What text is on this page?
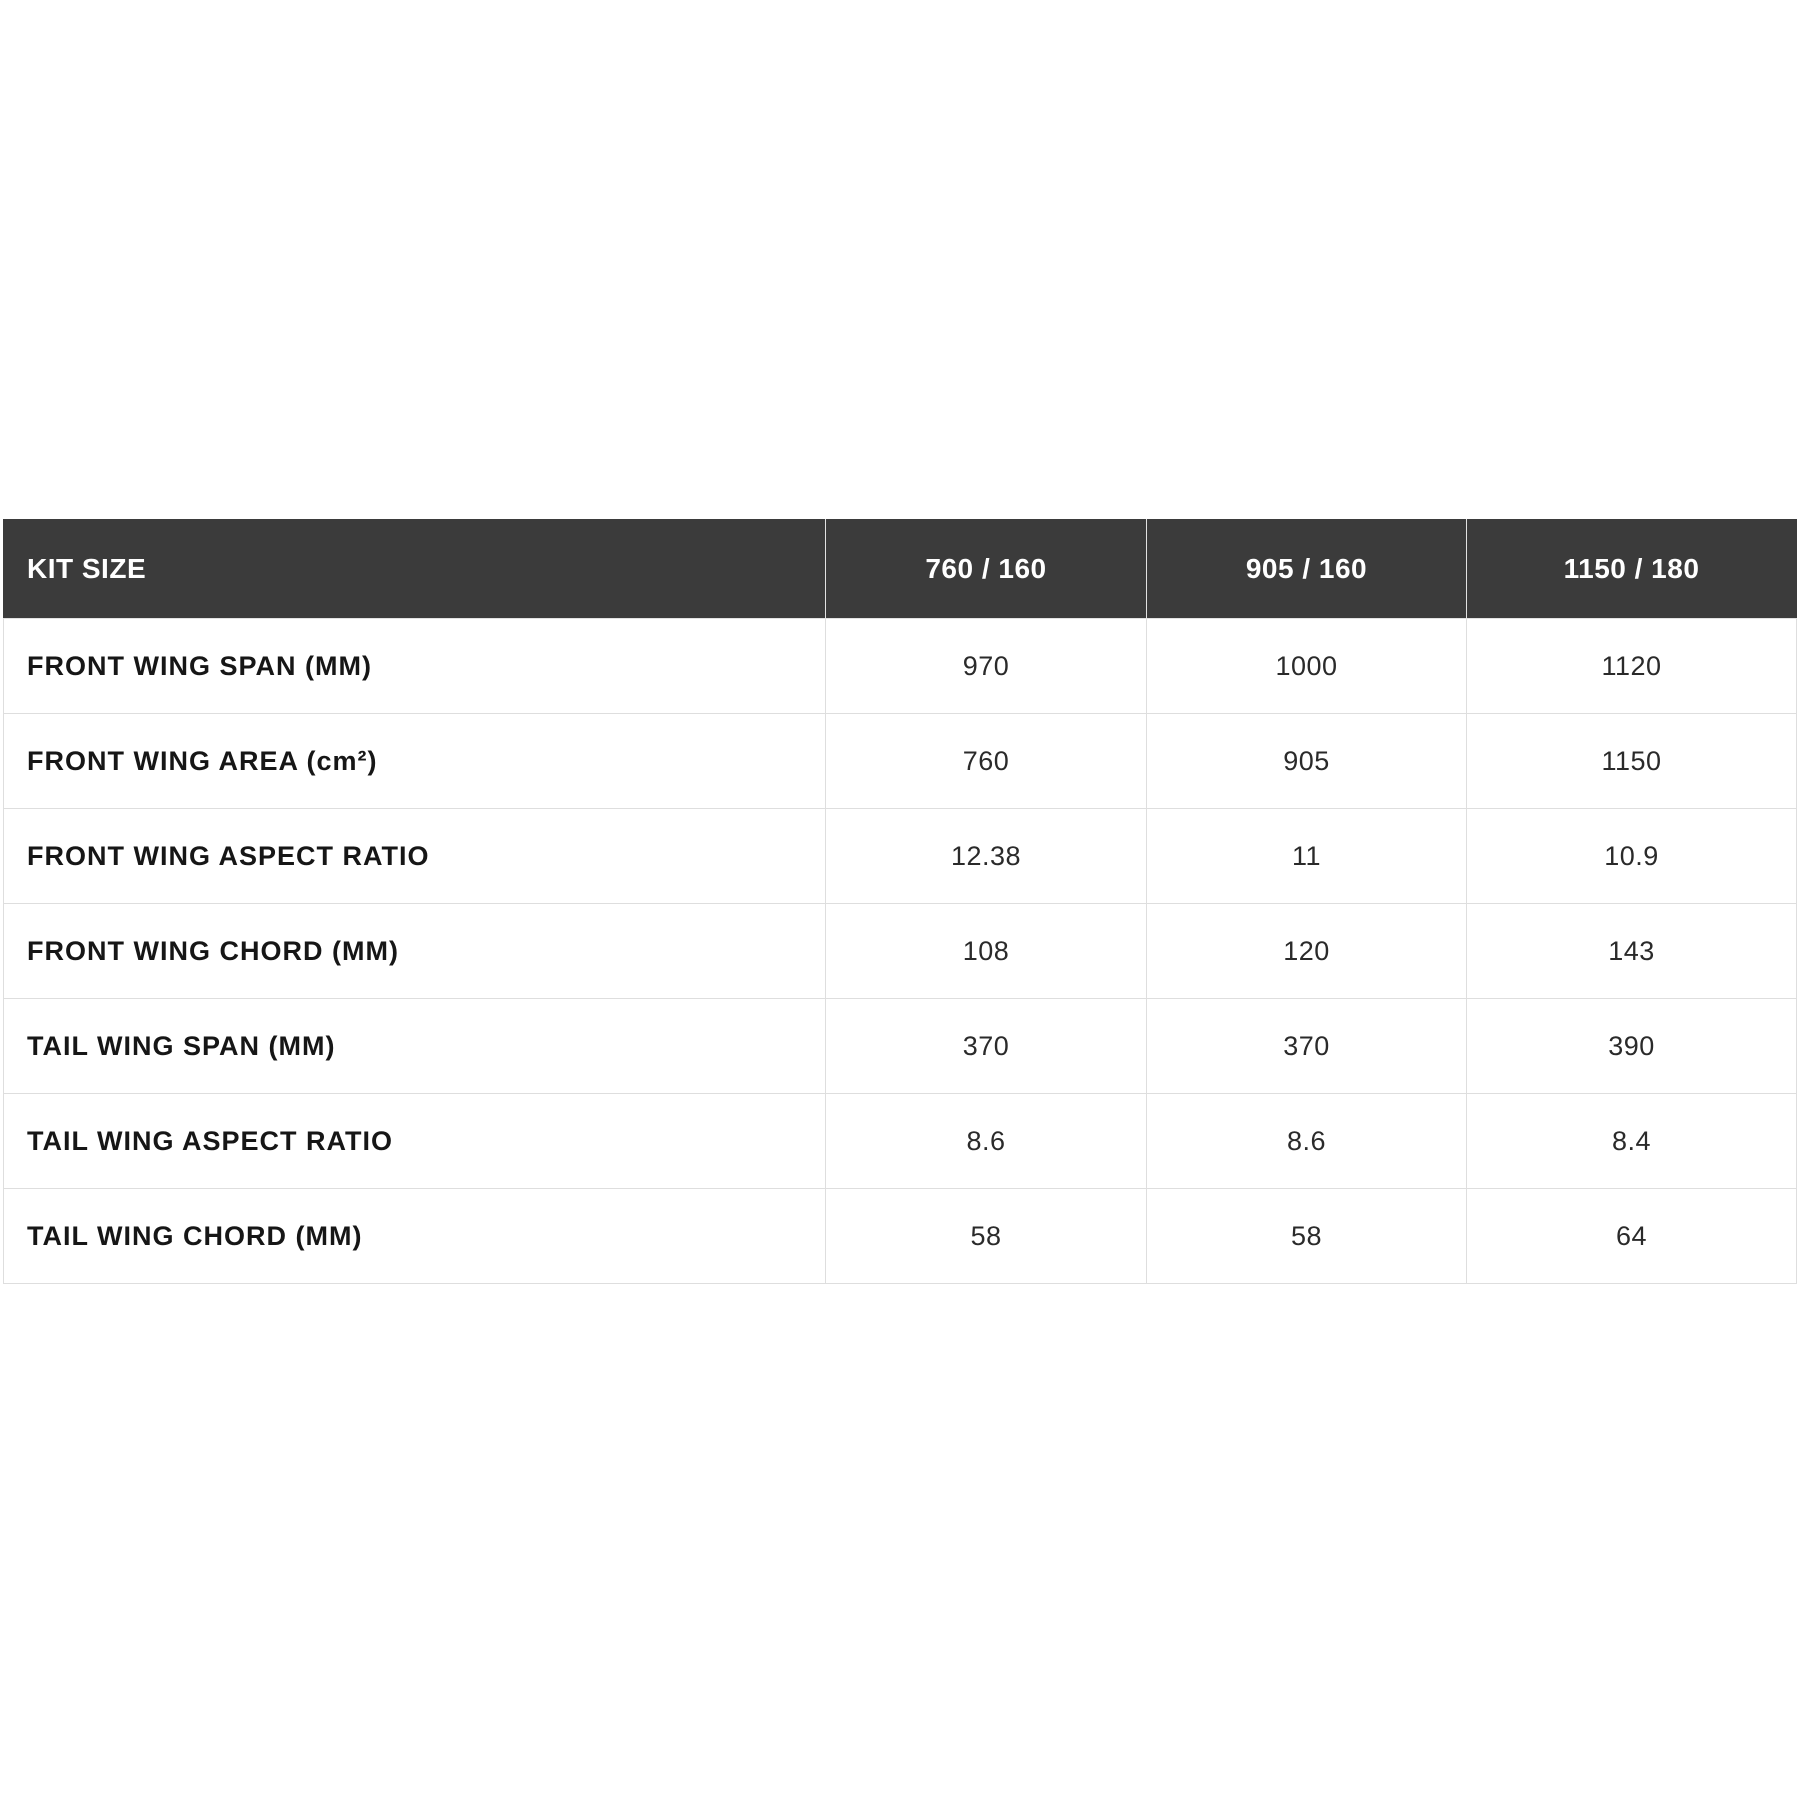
KIT SIZE	760 / 160	905 / 160	1150 / 180
FRONT WING SPAN (MM)	970	1000	1120
FRONT WING AREA (cm²)	760	905	1150
FRONT WING ASPECT RATIO	12.38	11	10.9
FRONT WING CHORD (MM)	108	120	143
TAIL WING SPAN (MM)	370	370	390
TAIL WING ASPECT RATIO	8.6	8.6	8.4
TAIL WING CHORD (MM)	58	58	64
